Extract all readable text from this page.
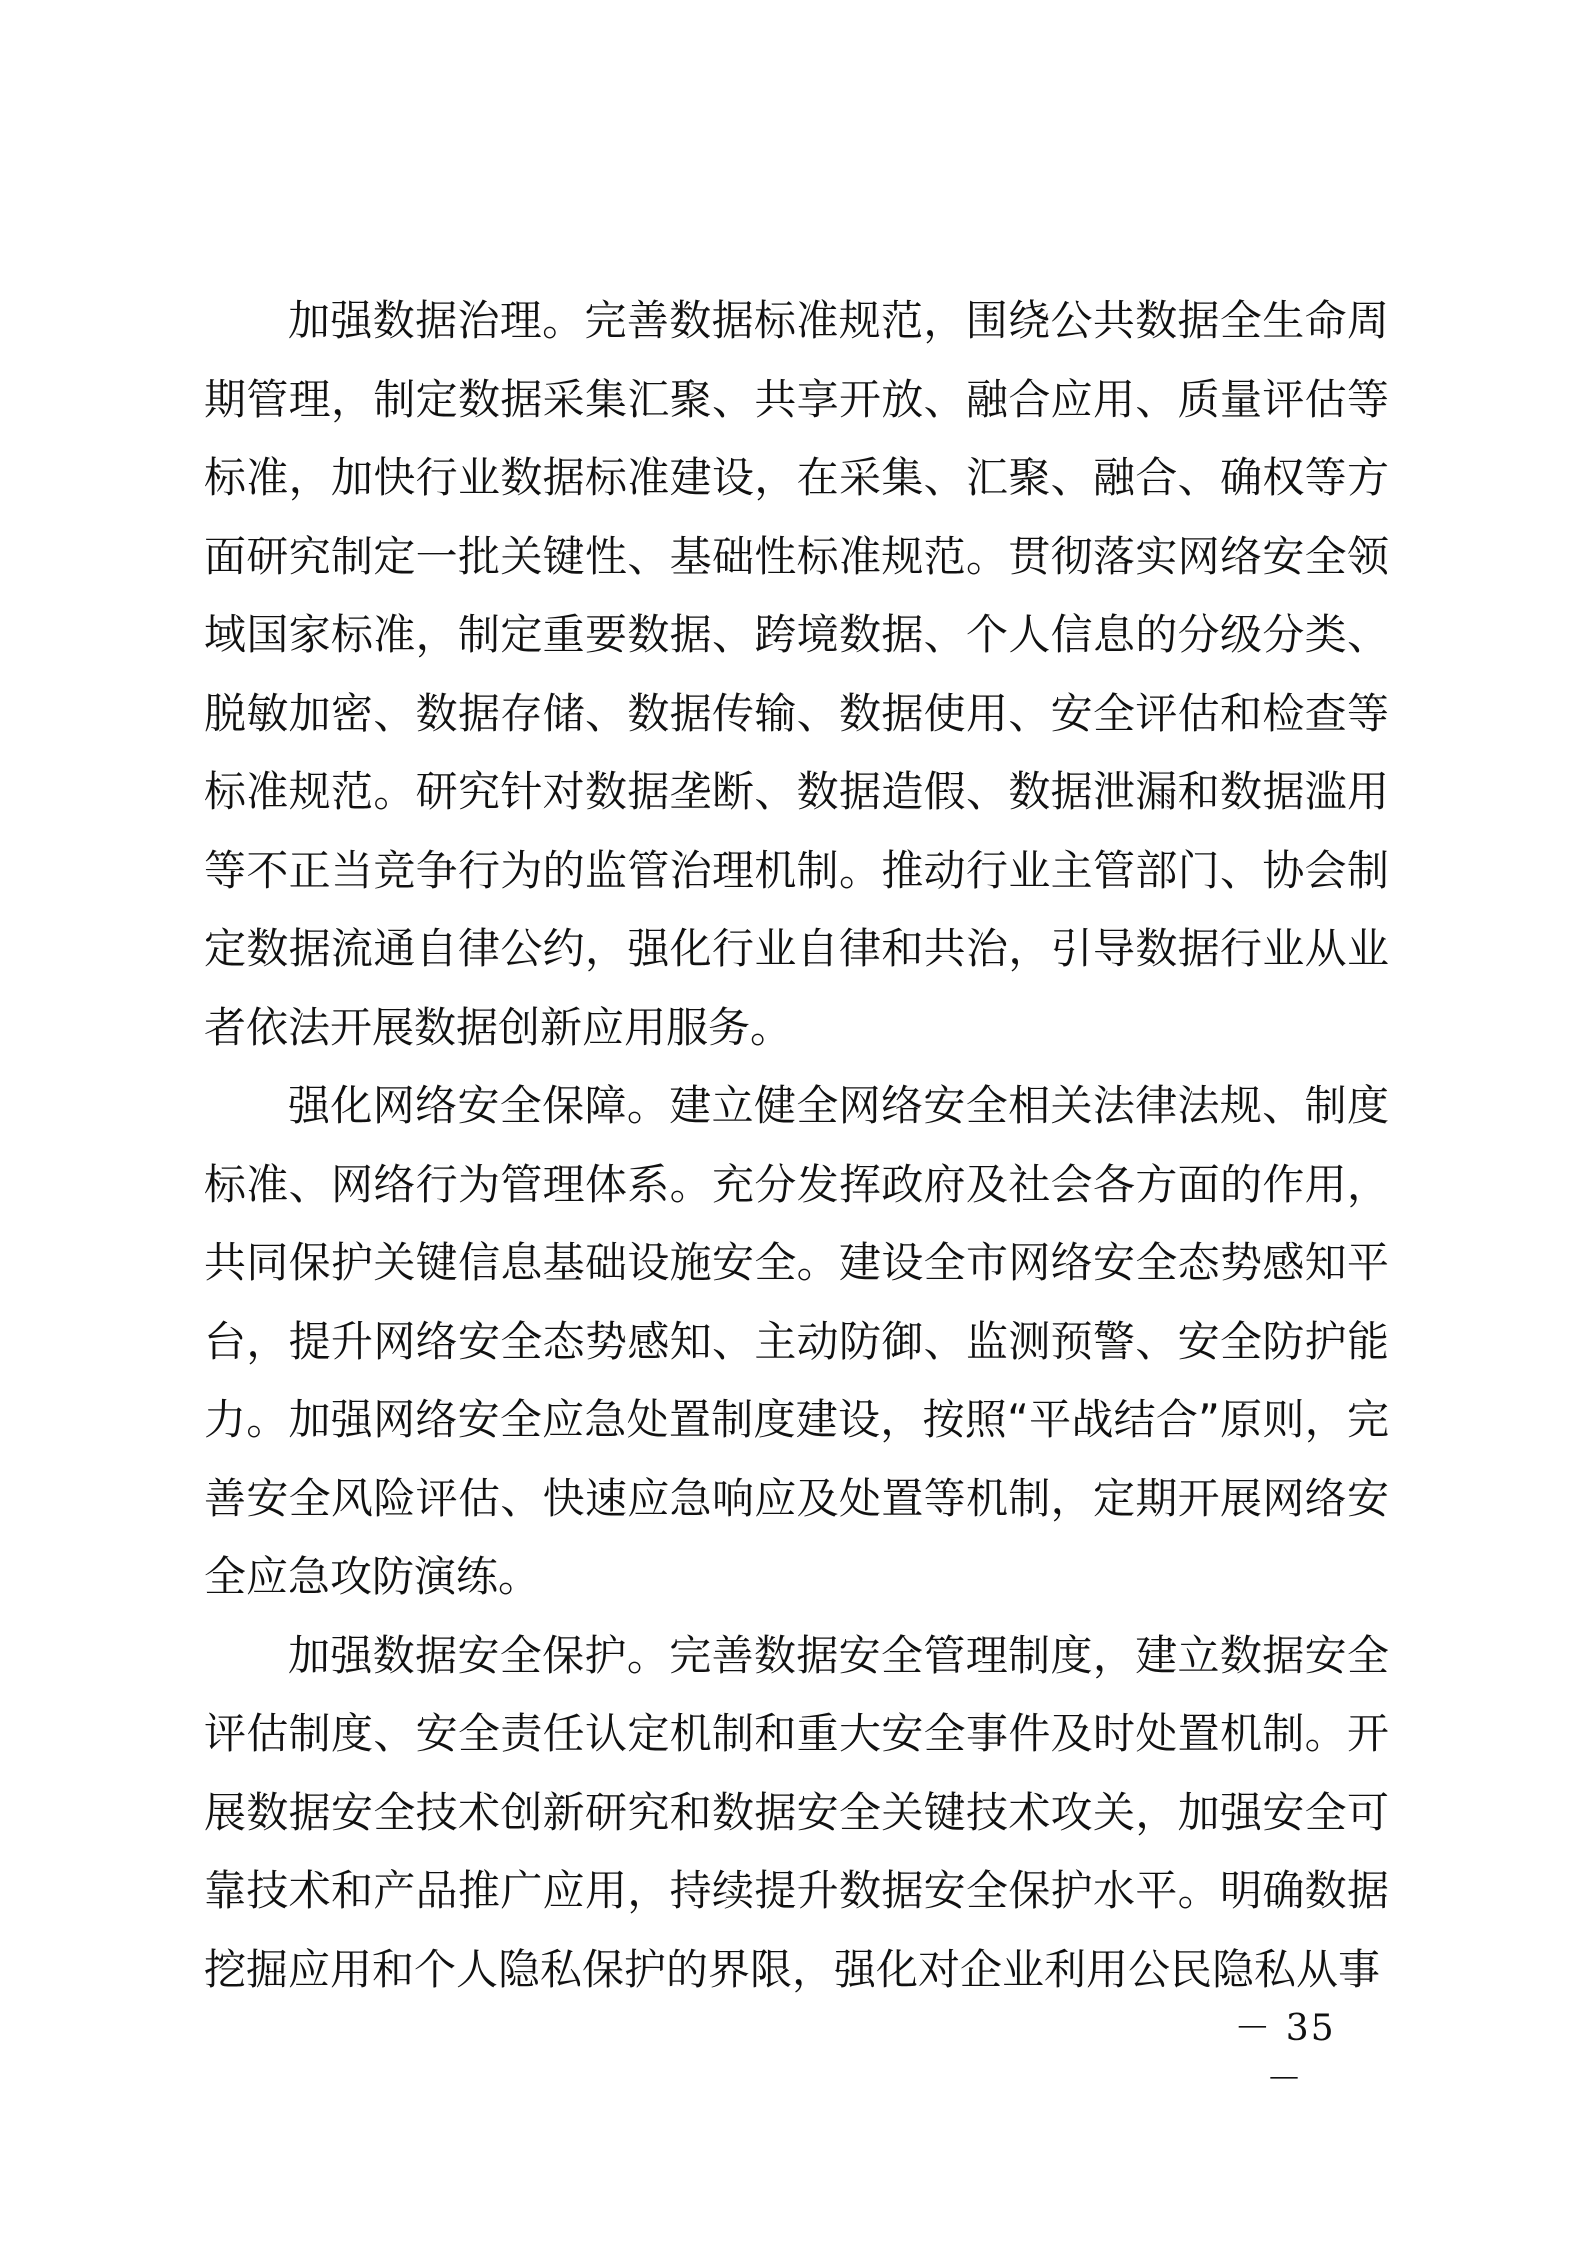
加强数据治理。完善数据标准规范，围绕公共数据全生命周期管理，制定数据采集汇聚、共享开放、融合应用、质量评估等标准，加快行业数据标准建设，在采集、汇聚、融合、确权等方面研究制定一批关键性、基础性标准规范。贯彻落实网络安全领域国家标准，制定重要数据、跨境数据、个人信息的分级分类、脱敏加密、数据存储、数据传输、数据使用、安全评估和检查等标准规范。研究针对数据垄断、数据造假、数据泄漏和数据滥用等不正当竞争行为的监管治理机制。推动行业主管部门、协会制定数据流通自律公约，强化行业自律和共治，引导数据行业从业者依法开展数据创新应用服务。

强化网络安全保障。建立健全网络安全相关法律法规、制度标准、网络行为管理体系。充分发挥政府及社会各方面的作用，共同保护关键信息基础设施安全。建设全市网络安全态势感知平台，提升网络安全态势感知、主动防御、监测预警、安全防护能力。加强网络安全应急处置制度建设，按照“平战结合”原则，完善安全风险评估、快速应急响应及处置等机制，定期开展网络安全应急攻防演练。

加强数据安全保护。完善数据安全管理制度，建立数据安全评估制度、安全责任认定机制和重大安全事件及时处置机制。开展数据安全技术创新研究和数据安全关键技术攻关，加强安全可靠技术和产品推广应用，持续提升数据安全保护水平。明确数据挖掘应用和个人隐私保护的界限，强化对企业利用公民隐私从事

－ 35 －
